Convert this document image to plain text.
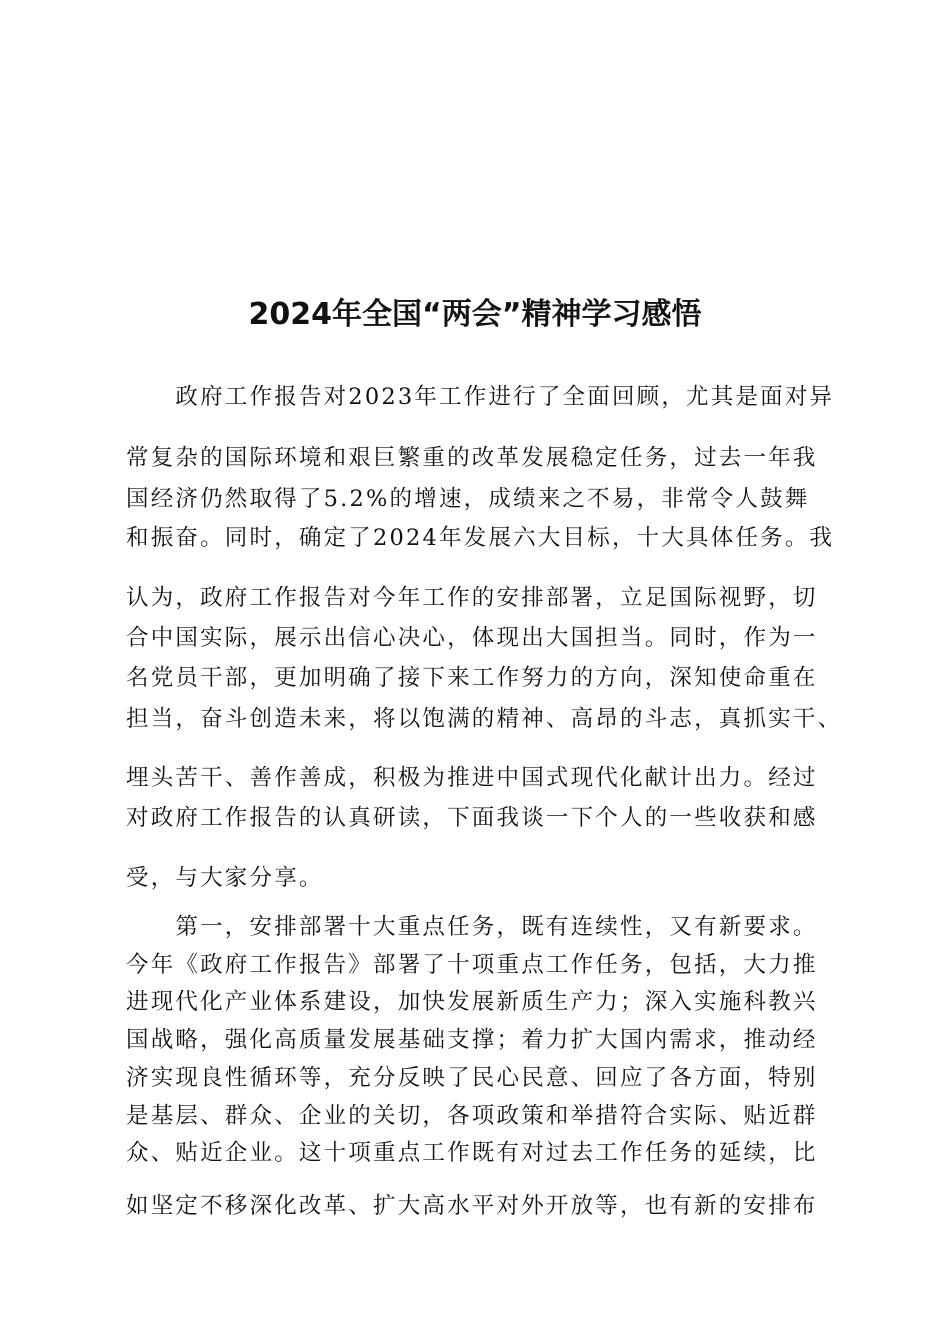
2024年全国“两会”精神学习感悟
　　政府工作报告对2023年工作进行了全面回顾，尤其是面对异
常复杂的国际环境和艰巨繁重的改革发展稳定任务，过去一年我
国经济仍然取得了5.2%的增速，成绩来之不易，非常令人鼓舞
和振奋。同时，确定了2024年发展六大目标，十大具体任务。我
认为，政府工作报告对今年工作的安排部署，立足国际视野，切
合中国实际，展示出信心决心，体现出大国担当。同时，作为一
名党员干部，更加明确了接下来工作努力的方向，深知使命重在
担当，奋斗创造未来，将以饱满的精神、高昂的斗志，真抓实干、
埋头苦干、善作善成，积极为推进中国式现代化献计出力。经过
对政府工作报告的认真研读，下面我谈一下个人的一些收获和感
受，与大家分享。
　　第一，安排部署十大重点任务，既有连续性，又有新要求。
今年《政府工作报告》部署了十项重点工作任务，包括，大力推
进现代化产业体系建设，加快发展新质生产力；深入实施科教兴
国战略，强化高质量发展基础支撑；着力扩大国内需求，推动经
济实现良性循环等，充分反映了民心民意、回应了各方面，特别
是基层、群众、企业的关切，各项政策和举措符合实际、贴近群
众、贴近企业。这十项重点工作既有对过去工作任务的延续，比
如坚定不移深化改革、扩大高水平对外开放等，也有新的安排布
